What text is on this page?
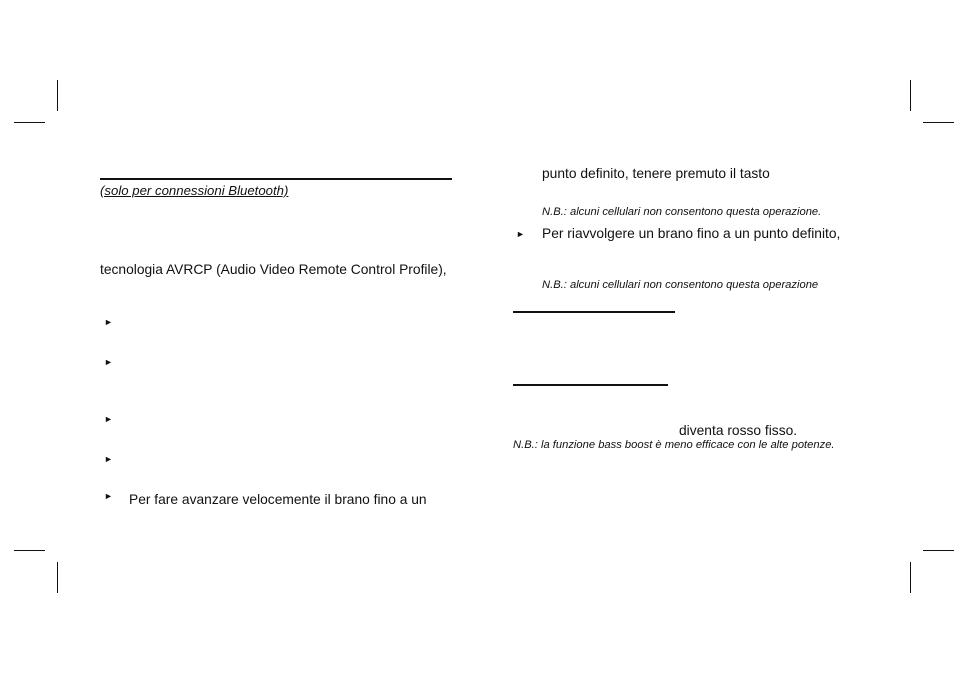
(solo per connessioni Bluetooth)
tecnologia AVRCP (Audio Video Remote Control Profile),
►
►
►
►
► Per fare avanzare velocemente il brano fino a un
punto definito, tenere premuto il tasto
N.B.: alcuni cellulari non consentono questa operazione.
► Per riavvolgere un brano fino a un punto definito,
N.B.: alcuni cellulari non consentono questa operazione
diventa rosso fisso.
N.B.: la funzione bass boost è meno efficace con le alte potenze.
